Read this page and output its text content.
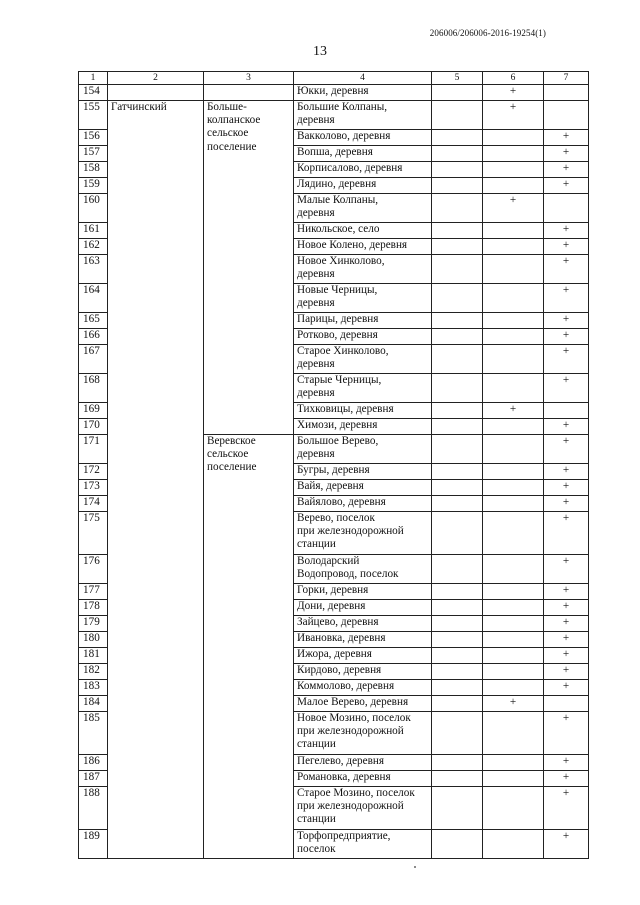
206006/206006-2016-19254(1)
13
1	2	3	4	5	6	7
154			Юкки, деревня		+	
155	Гатчинский	Больше-
колпанское
сельское
поселение	Большие Колпаны,
деревня		+	
156			Вакколово, деревня			+
157			Вопша, деревня			+
158			Корписалово, деревня			+
159			Лядино, деревня			+
160			Малые Колпаны,
деревня		+	
161			Никольское, село			+
162			Новое Колено, деревня			+
163			Новое Хинколово,
деревня			+
164			Новые Черницы,
деревня			+
165			Парицы, деревня			+
166			Ротково, деревня			+
167			Старое Хинколово,
деревня			+
168			Старые Черницы,
деревня			+
169			Тихковицы, деревня		+	
170			Химози, деревня			+
171		Веревское
сельское
поселение	Большое Верево,
деревня			+
172			Бугры, деревня			+
173			Вайя, деревня			+
174			Вайялово, деревня			+
175			Верево, поселок
при железнодорожной
станции			+
176			Володарский
Водопровод, поселок			+
177			Горки, деревня			+
178			Дони, деревня			+
179			Зайцево, деревня			+
180			Ивановка, деревня			+
181			Ижора, деревня			+
182			Кирдово, деревня			+
183			Коммолово, деревня			+
184			Малое Верево, деревня		+	
185			Новое Мозино, поселок
при железнодорожной
станции			+
186			Пегелево, деревня			+
187			Романовка, деревня			+
188			Старое Мозино, поселок
при железнодорожной
станции			+
189			Торфопредприятие,
поселок			+
